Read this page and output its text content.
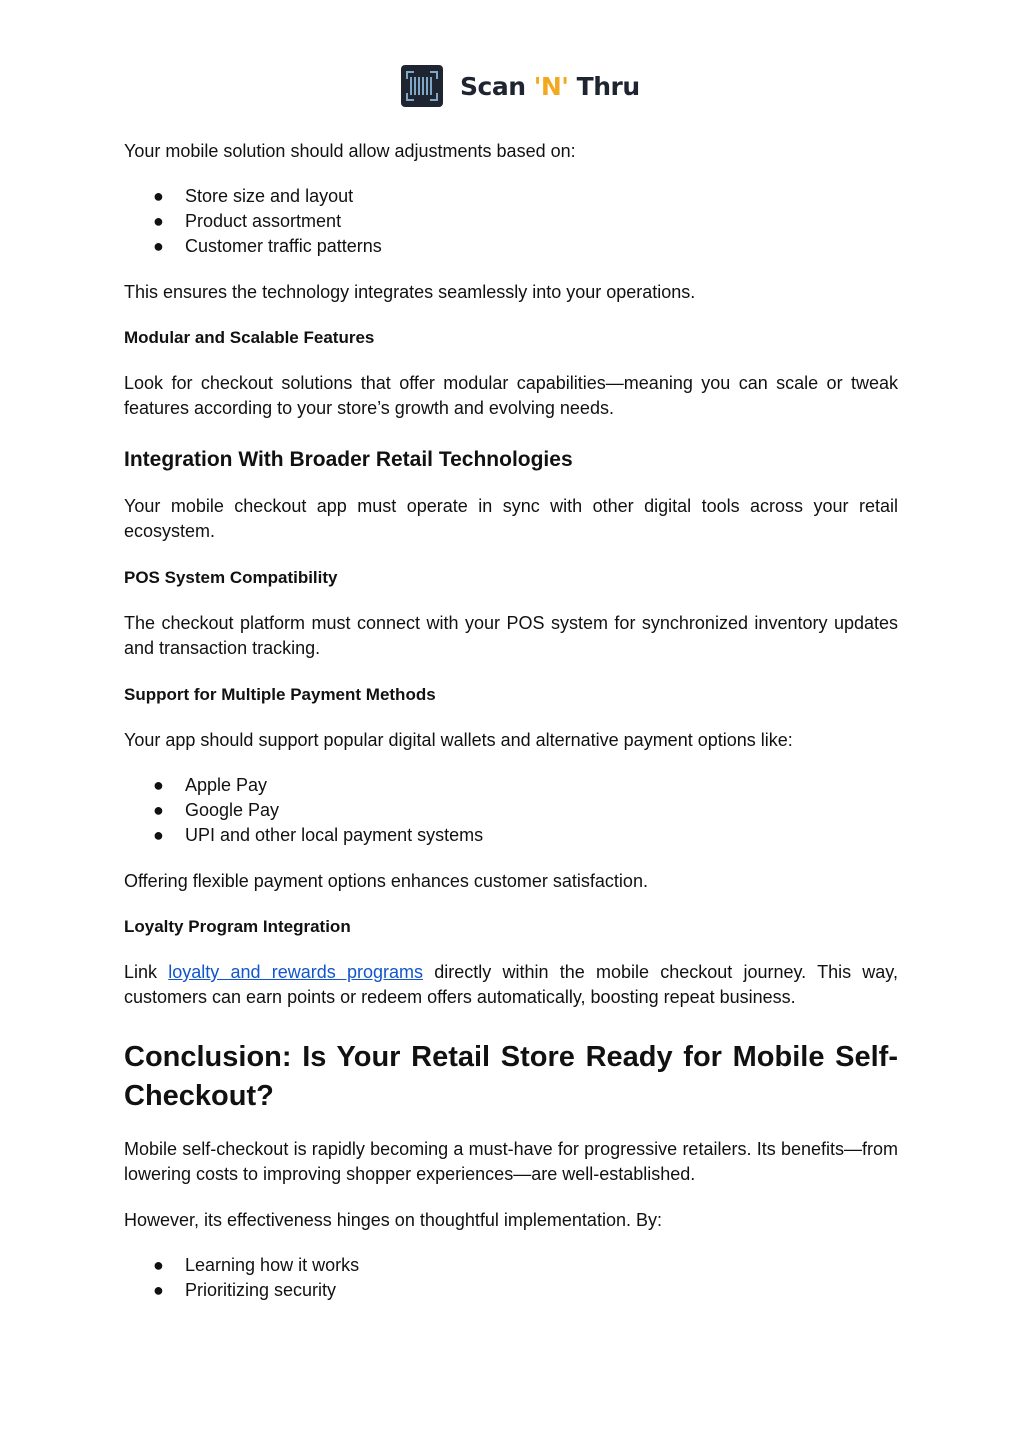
Scan 'N' Thru

Your mobile solution should allow adjustments based on:

● Store size and layout
● Product assortment
● Customer traffic patterns

This ensures the technology integrates seamlessly into your operations.

Modular and Scalable Features

Look for checkout solutions that offer modular capabilities—meaning you can scale or tweak features according to your store’s growth and evolving needs.

Integration With Broader Retail Technologies

Your mobile checkout app must operate in sync with other digital tools across your retail ecosystem.

POS System Compatibility

The checkout platform must connect with your POS system for synchronized inventory updates and transaction tracking.

Support for Multiple Payment Methods

Your app should support popular digital wallets and alternative payment options like:

● Apple Pay
● Google Pay
● UPI and other local payment systems

Offering flexible payment options enhances customer satisfaction.

Loyalty Program Integration

Link loyalty and rewards programs directly within the mobile checkout journey. This way, customers can earn points or redeem offers automatically, boosting repeat business.

Conclusion: Is Your Retail Store Ready for Mobile Self-Checkout?

Mobile self-checkout is rapidly becoming a must-have for progressive retailers. Its benefits—from lowering costs to improving shopper experiences—are well-established.

However, its effectiveness hinges on thoughtful implementation. By:

● Learning how it works
● Prioritizing security
